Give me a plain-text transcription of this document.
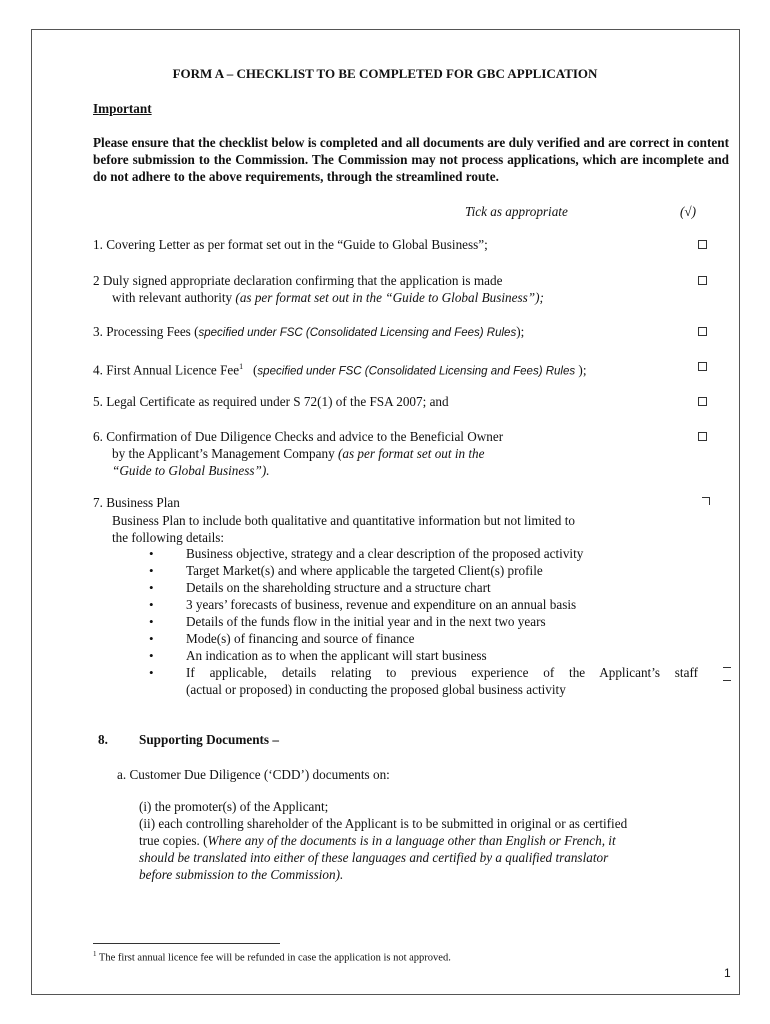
FORM A – CHECKLIST TO BE COMPLETED FOR GBC APPLICATION
Important
Please ensure that the checklist below is completed and all documents are duly verified and are correct in content before submission to the Commission. The Commission may not process applications, which are incomplete and do not adhere to the above requirements, through the streamlined route.
Tick as appropriate	(√)
1. Covering Letter as per format set out in the “Guide to Global Business”;
2 Duly signed appropriate declaration confirming that the application is made
with relevant authority (as per format set out in the “Guide to Global Business”);
3. Processing Fees (specified under FSC (Consolidated Licensing and Fees) Rules);
4. First Annual Licence Fee$^1$   (specified under FSC (Consolidated Licensing and Fees) Rules );
5. Legal Certificate as required under S 72(1) of the FSA 2007; and
6. Confirmation of Due Diligence Checks and advice to the Beneficial Owner
by the Applicant’s Management Company (as per format set out in the
“Guide to Global Business”).
7. Business Plan
Business Plan to include both qualitative and quantitative information but not limited to
the following details:
• Business objective, strategy and a clear description of the proposed activity
• Target Market(s) and where applicable the targeted Client(s) profile
• Details on the shareholding structure and a structure chart
• 3 years’ forecasts of business, revenue and expenditure on an annual basis
• Details of the funds flow in the initial year and in the next two years
• Mode(s) of financing and source of finance
• An indication as to when the applicant will start business
• If applicable, details relating to previous experience of the Applicant’s staff
(actual or proposed) in conducting the proposed global business activity
8. Supporting Documents –
a. Customer Due Diligence (‘CDD’) documents on:
(i) the promoter(s) of the Applicant;
(ii) each controlling shareholder of the Applicant is to be submitted in original or as certified
true copies. (Where any of the documents is in a language other than English or French, it
should be translated into either of these languages and certified by a qualified translator
before submission to the Commission).
$^1$ The first annual licence fee will be refunded in case the application is not approved.
1
